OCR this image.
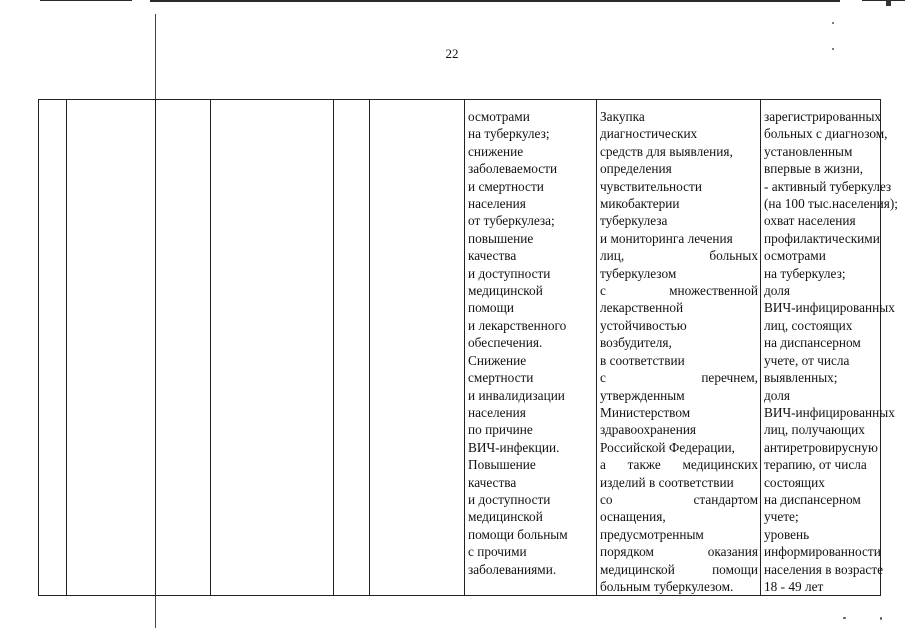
22

осмотрами
на туберкулез;
снижение
заболеваемости
и смертности
населения
от туберкулеза;
повышение
качества
и доступности
медицинской
помощи
и лекарственного
обеспечения.
Снижение
смертности
и инвалидизации
населения
по причине
ВИЧ-инфекции.
Повышение
качества
и доступности
медицинской
помощи больным
с прочими
заболеваниями.

Закупка
диагностических
средств для выявления,
определения
чувствительности
микобактерии
туберкулеза
и мониторинга лечения
лиц,	больных
туберкулезом
с	множественной
лекарственной
устойчивостью
возбудителя,
в соответствии
с	перечнем,
утвержденным
Министерством
здравоохранения
Российской Федерации,
а также медицинских
изделий в соответствии
со	стандартом
оснащения,
предусмотренным
порядком	оказания
медицинской	помощи
больным туберкулезом.

зарегистрированных
больных с диагнозом,
установленным
впервые в жизни,
- активный туберкулез
(на 100 тыс.населения);
охват населения
профилактическими
осмотрами
на туберкулез;
доля
ВИЧ-инфицированных
лиц, состоящих
на диспансерном
учете, от числа
выявленных;
доля
ВИЧ-инфицированных
лиц, получающих
антиретровирусную
терапию, от числа
состоящих
на диспансерном
учете;
уровень
информированности
населения в возрасте
18 - 49 лет
